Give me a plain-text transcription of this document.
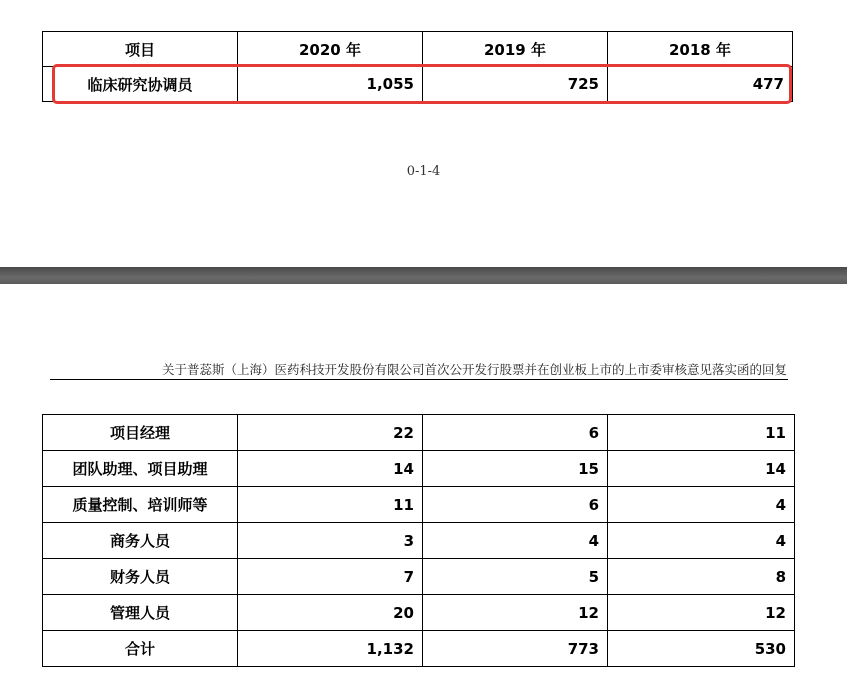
项目	2020 年	2019 年	2018 年
临床研究协调员	1,055	725	477
0-1-4
关于普蕊斯（上海）医药科技开发股份有限公司首次公开发行股票并在创业板上市的上市委审核意见落实函的回复
项目经理	22	6	11
团队助理、项目助理	14	15	14
质量控制、培训师等	11	6	4
商务人员	3	4	4
财务人员	7	5	8
管理人员	20	12	12
合计	1,132	773	530
